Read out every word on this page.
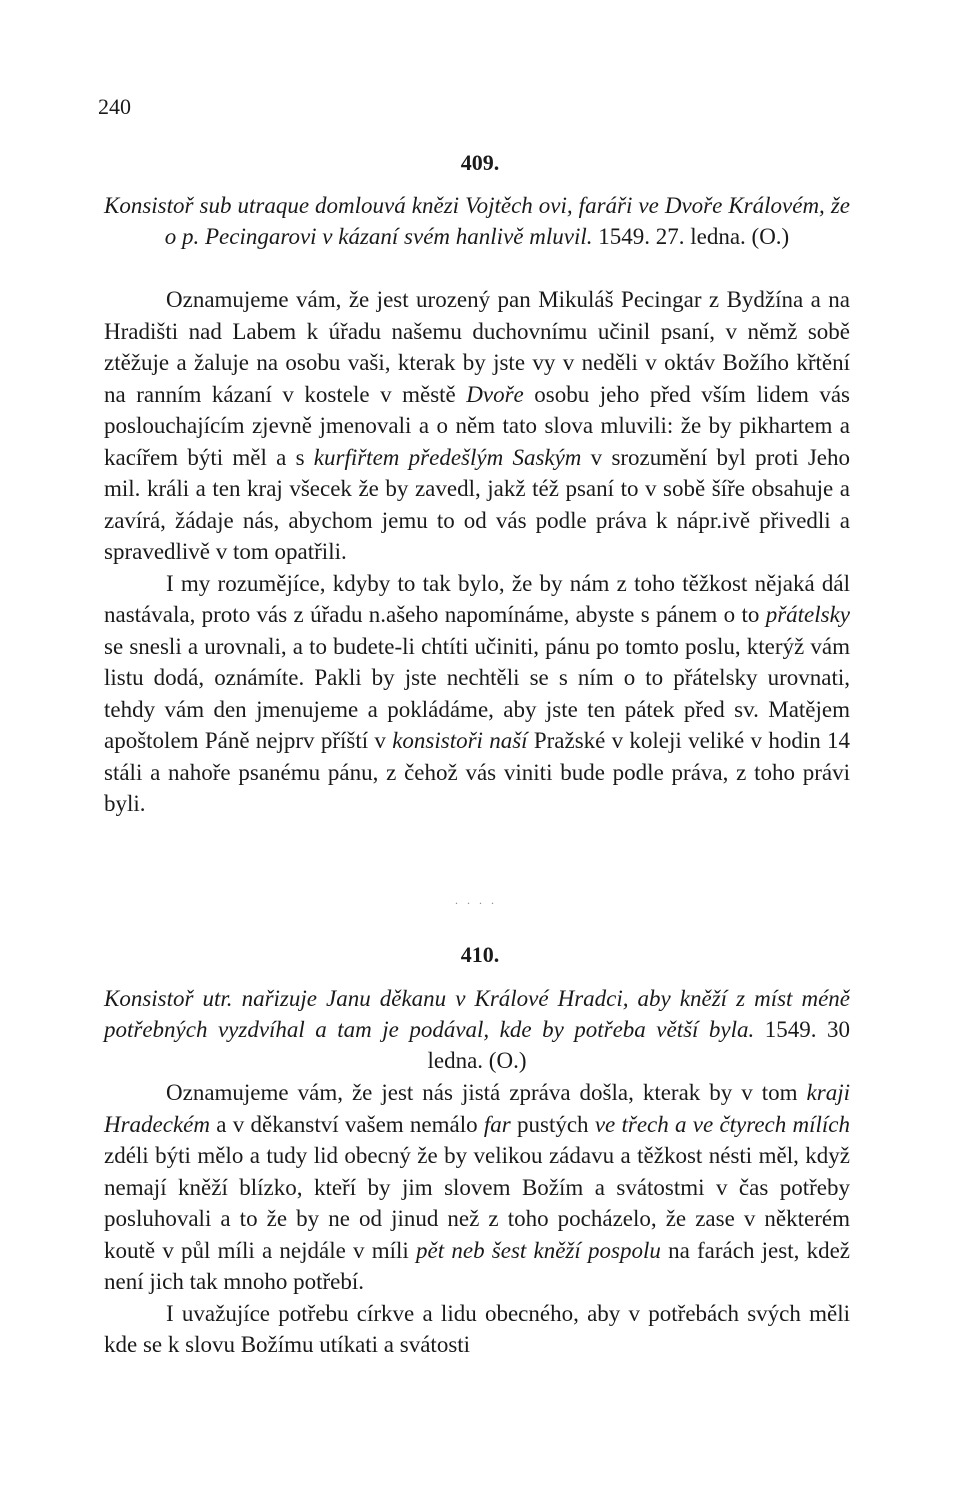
240
409.
Konsistoř sub utraque domlouvá knězi Vojtěch ovi, faráři ve Dvoře Královém, že o p. Pecingarovi v kázaní svém hanlivě mluvil. 1549. 27. ledna. (O.)

Oznamujeme vám, že jest urozený pan Mikuláš Pecingar z Bydžína a na Hradišti nad Labem k úřadu našemu duchovnímu učinil psaní, v němž sobě ztěžuje a žaluje na osobu vaši, kterak by jste vy v neděli v oktáv Božího křtění na ranním kázaní v kostele v městě Dvoře osobu jeho před vším lidem vás poslouchajícím zjevně jmenovali a o něm tato slova mluvili: že by pikhartem a kacířem býti měl a s kurfiřtem předešlým Saským v srozumění byl proti Jeho mil. králi a ten kraj všecek že by zavedl, jakž též psaní to v sobě šíře obsahuje a zavírá, žádaje nás, abychom jemu to od vás podle práva k nápr.ivě přivedli a spravedlivě v tom opatřili.

I my rozumějíce, kdyby to tak bylo, že by nám z toho těžkost nějaká dál nastávala, proto vás z úřadu n.ašeho napomínáme, abyste s pánem o to přátelsky se snesli a urovnali, a to budete-li chtíti učiniti, pánu po tomto poslu, kterýž vám listu dodá, oznámíte. Pakli by jste nechtěli se s ním o to přátelsky urovnati, tehdy vám den jmenujeme a pokládáme, aby jste ten pátek před sv. Matějem apoštolem Páně nejprv příští v konsistoři naší Pražské v koleji veliké v hodin 14 stáli a nahoře psanému pánu, z čehož vás viniti bude podle práva, z toho právi byli.

. . . .
410.
Konsistoř utr. nařizuje Janu děkanu v Králové Hradci, aby kněží z míst méně potřebných vyzdvíhal a tam je podával, kde by potřeba větší byla. 1549. 30 ledna. (O.)

Oznamujeme vám, že jest nás jistá zpráva došla, kterak by v tom kraji Hradeckém a v děkanství vašem nemálo far pustých ve třech a ve čtyrech mílích zdéli býti mělo a tudy lid obecný že by velikou zádavu a těžkost nésti měl, když nemají kněží blízko, kteří by jim slovem Božím a svátostmi v čas potřeby posluhovali a to že by ne od jinud než z toho pocházelo, že zase v některém koutě v půl míli a nejdále v míli pět neb šest kněží pospolu na farách jest, kdež není jich tak mnoho potřebí.

I uvažujíce potřebu církve a lidu obecného, aby v potřebách svých měli kde se k slovu Božímu utíkati a svátosti
